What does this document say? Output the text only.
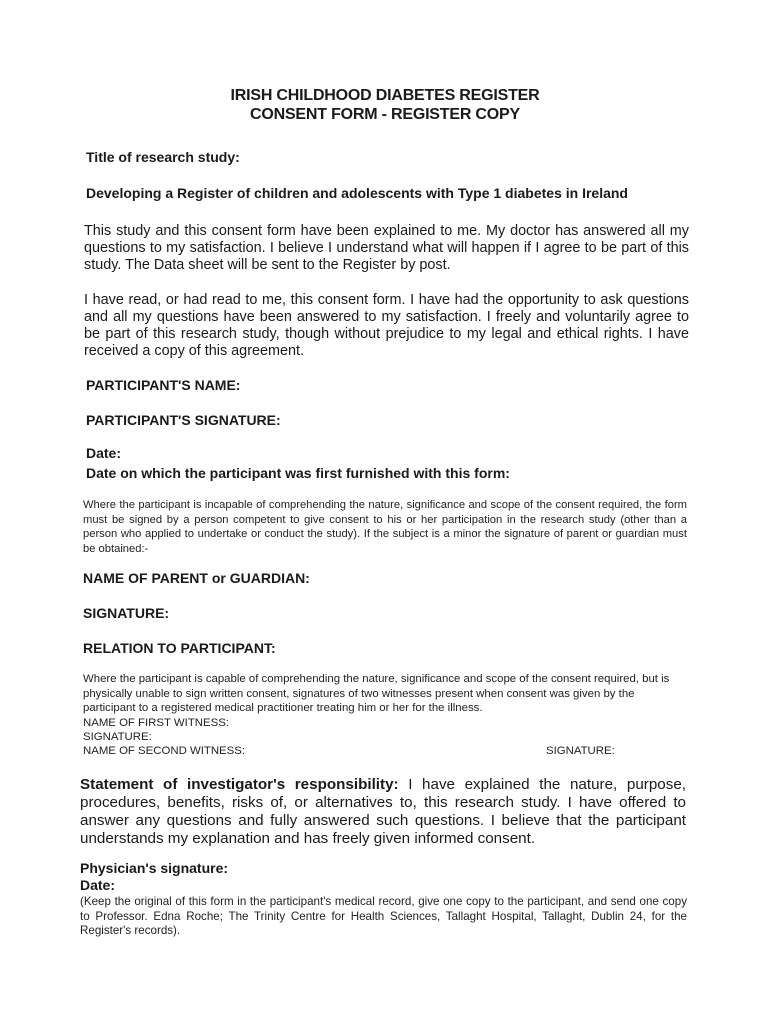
IRISH CHILDHOOD DIABETES REGISTER
CONSENT FORM - REGISTER COPY

Title of research study:

Developing a Register of children and adolescents with Type 1 diabetes in Ireland

This study and this consent form have been explained to me. My doctor has answered all my questions to my satisfaction. I believe I understand what will happen if I agree to be part of this study. The Data sheet will be sent to the Register by post.

I have read, or had read to me, this consent form. I have had the opportunity to ask questions and all my questions have been answered to my satisfaction. I freely and voluntarily agree to be part of this research study, though without prejudice to my legal and ethical rights. I have received a copy of this agreement.

PARTICIPANT'S NAME:

PARTICIPANT'S SIGNATURE:

Date:

Date on which the participant was first furnished with this form:

Where the participant is incapable of comprehending the nature, significance and scope of the consent required, the form must be signed by a person competent to give consent to his or her participation in the research study (other than a person who applied to undertake or conduct the study). If the subject is a minor the signature of parent or guardian must be obtained:-

NAME OF PARENT or GUARDIAN:

SIGNATURE:

RELATION TO PARTICIPANT:

Where the participant is capable of comprehending the nature, significance and scope of the consent required, but is physically unable to sign written consent, signatures of two witnesses present when consent was given by the participant to a registered medical practitioner treating him or her for the illness.

NAME OF FIRST WITNESS:

SIGNATURE:

NAME OF SECOND WITNESS:	SIGNATURE:

Statement of investigator's responsibility: I have explained the nature, purpose, procedures, benefits, risks of, or alternatives to, this research study. I have offered to answer any questions and fully answered such questions. I believe that the participant understands my explanation and has freely given informed consent.

Physician's signature:

Date:

(Keep the original of this form in the participant's medical record, give one copy to the participant, and send one copy to Professor. Edna Roche; The Trinity Centre for Health Sciences, Tallaght Hospital, Tallaght, Dublin 24, for the Register's records).
